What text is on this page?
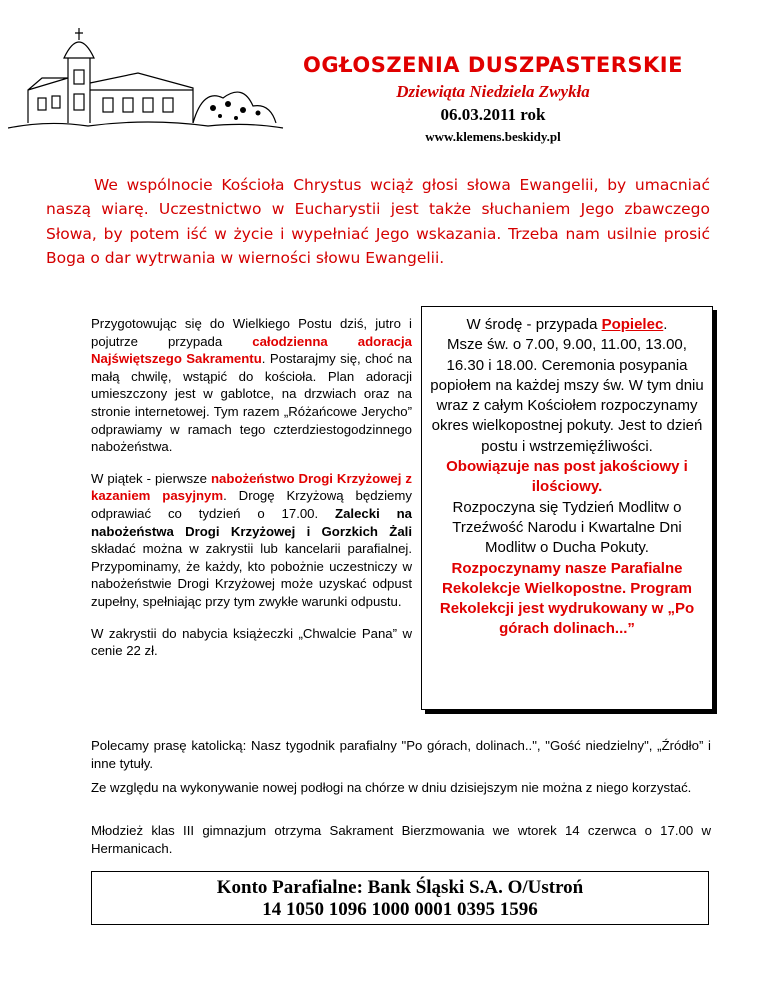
OGŁOSZENIA DUSZPASTERSKIE
Dziewiąta Niedziela Zwykła
06.03.2011 rok
www.klemens.beskidy.pl

We wspólnocie Kościoła Chrystus wciąż głosi słowa Ewangelii, by umacniać naszą wiarę. Uczestnictwo w Eucharystii jest także słuchaniem Jego zbawczego Słowa, by potem iść w życie i wypełniać Jego wskazania. Trzeba nam usilnie prosić Boga o dar wytrwania w wierności słowu Ewangelii.

Przygotowując się do Wielkiego Postu dziś, jutro i pojutrze przypada całodzienna adoracja Najświętszego Sakramentu. Postarajmy się, choć na małą chwilę, wstąpić do kościoła. Plan adoracji umieszczony jest w gablotce, na drzwiach oraz na stronie internetowej. Tym razem „Różańcowe Jerycho” odprawiamy w ramach tego czterdziestogodzinnego nabożeństwa.

W piątek - pierwsze nabożeństwo Drogi Krzyżowej z kazaniem pasyjnym. Drogę Krzyżową będziemy odprawiać co tydzień o 17.00. Zalecki na nabożeństwa Drogi Krzyżowej i Gorzkich Żali składać można w zakrystii lub kancelarii parafialnej. Przypominamy, że każdy, kto pobożnie uczestniczy w nabożeństwie Drogi Krzyżowej może uzyskać odpust zupełny, spełniając przy tym zwykłe warunki odpustu.

W zakrystii do nabycia książeczki „Chwalcie Pana” w cenie 22 zł.

W środę - przypada Popielec.
Msze św. o 7.00, 9.00, 11.00, 13.00, 16.30 i 18.00. Ceremonia posypania popiołem na każdej mszy św. W tym dniu wraz z całym Kościołem rozpoczynamy okres wielkopostnej pokuty. Jest to dzień postu i wstrzemięźliwości.
Obowiązuje nas post jakościowy i ilościowy.
Rozpoczyna się Tydzień Modlitw o Trzeźwość Narodu i Kwartalne Dni Modlitw o Ducha Pokuty.
Rozpoczynamy nasze Parafialne Rekolekcje Wielkopostne. Program Rekolekcji jest wydrukowany w „Po górach dolinach...”
Polecamy prasę katolicką: Nasz tygodnik parafialny "Po górach, dolinach..", "Gość niedzielny", „Źródło” i inne tytuły.
Ze względu na wykonywanie nowej podłogi na chórze w dniu dzisiejszym nie można z niego korzystać.
Młodzież klas III gimnazjum otrzyma Sakrament Bierzmowania we wtorek 14 czerwca o 17.00 w Hermanicach.
Konto Parafialne: Bank Śląski S.A. O/Ustroń
14 1050 1096 1000 0001 0395 1596
